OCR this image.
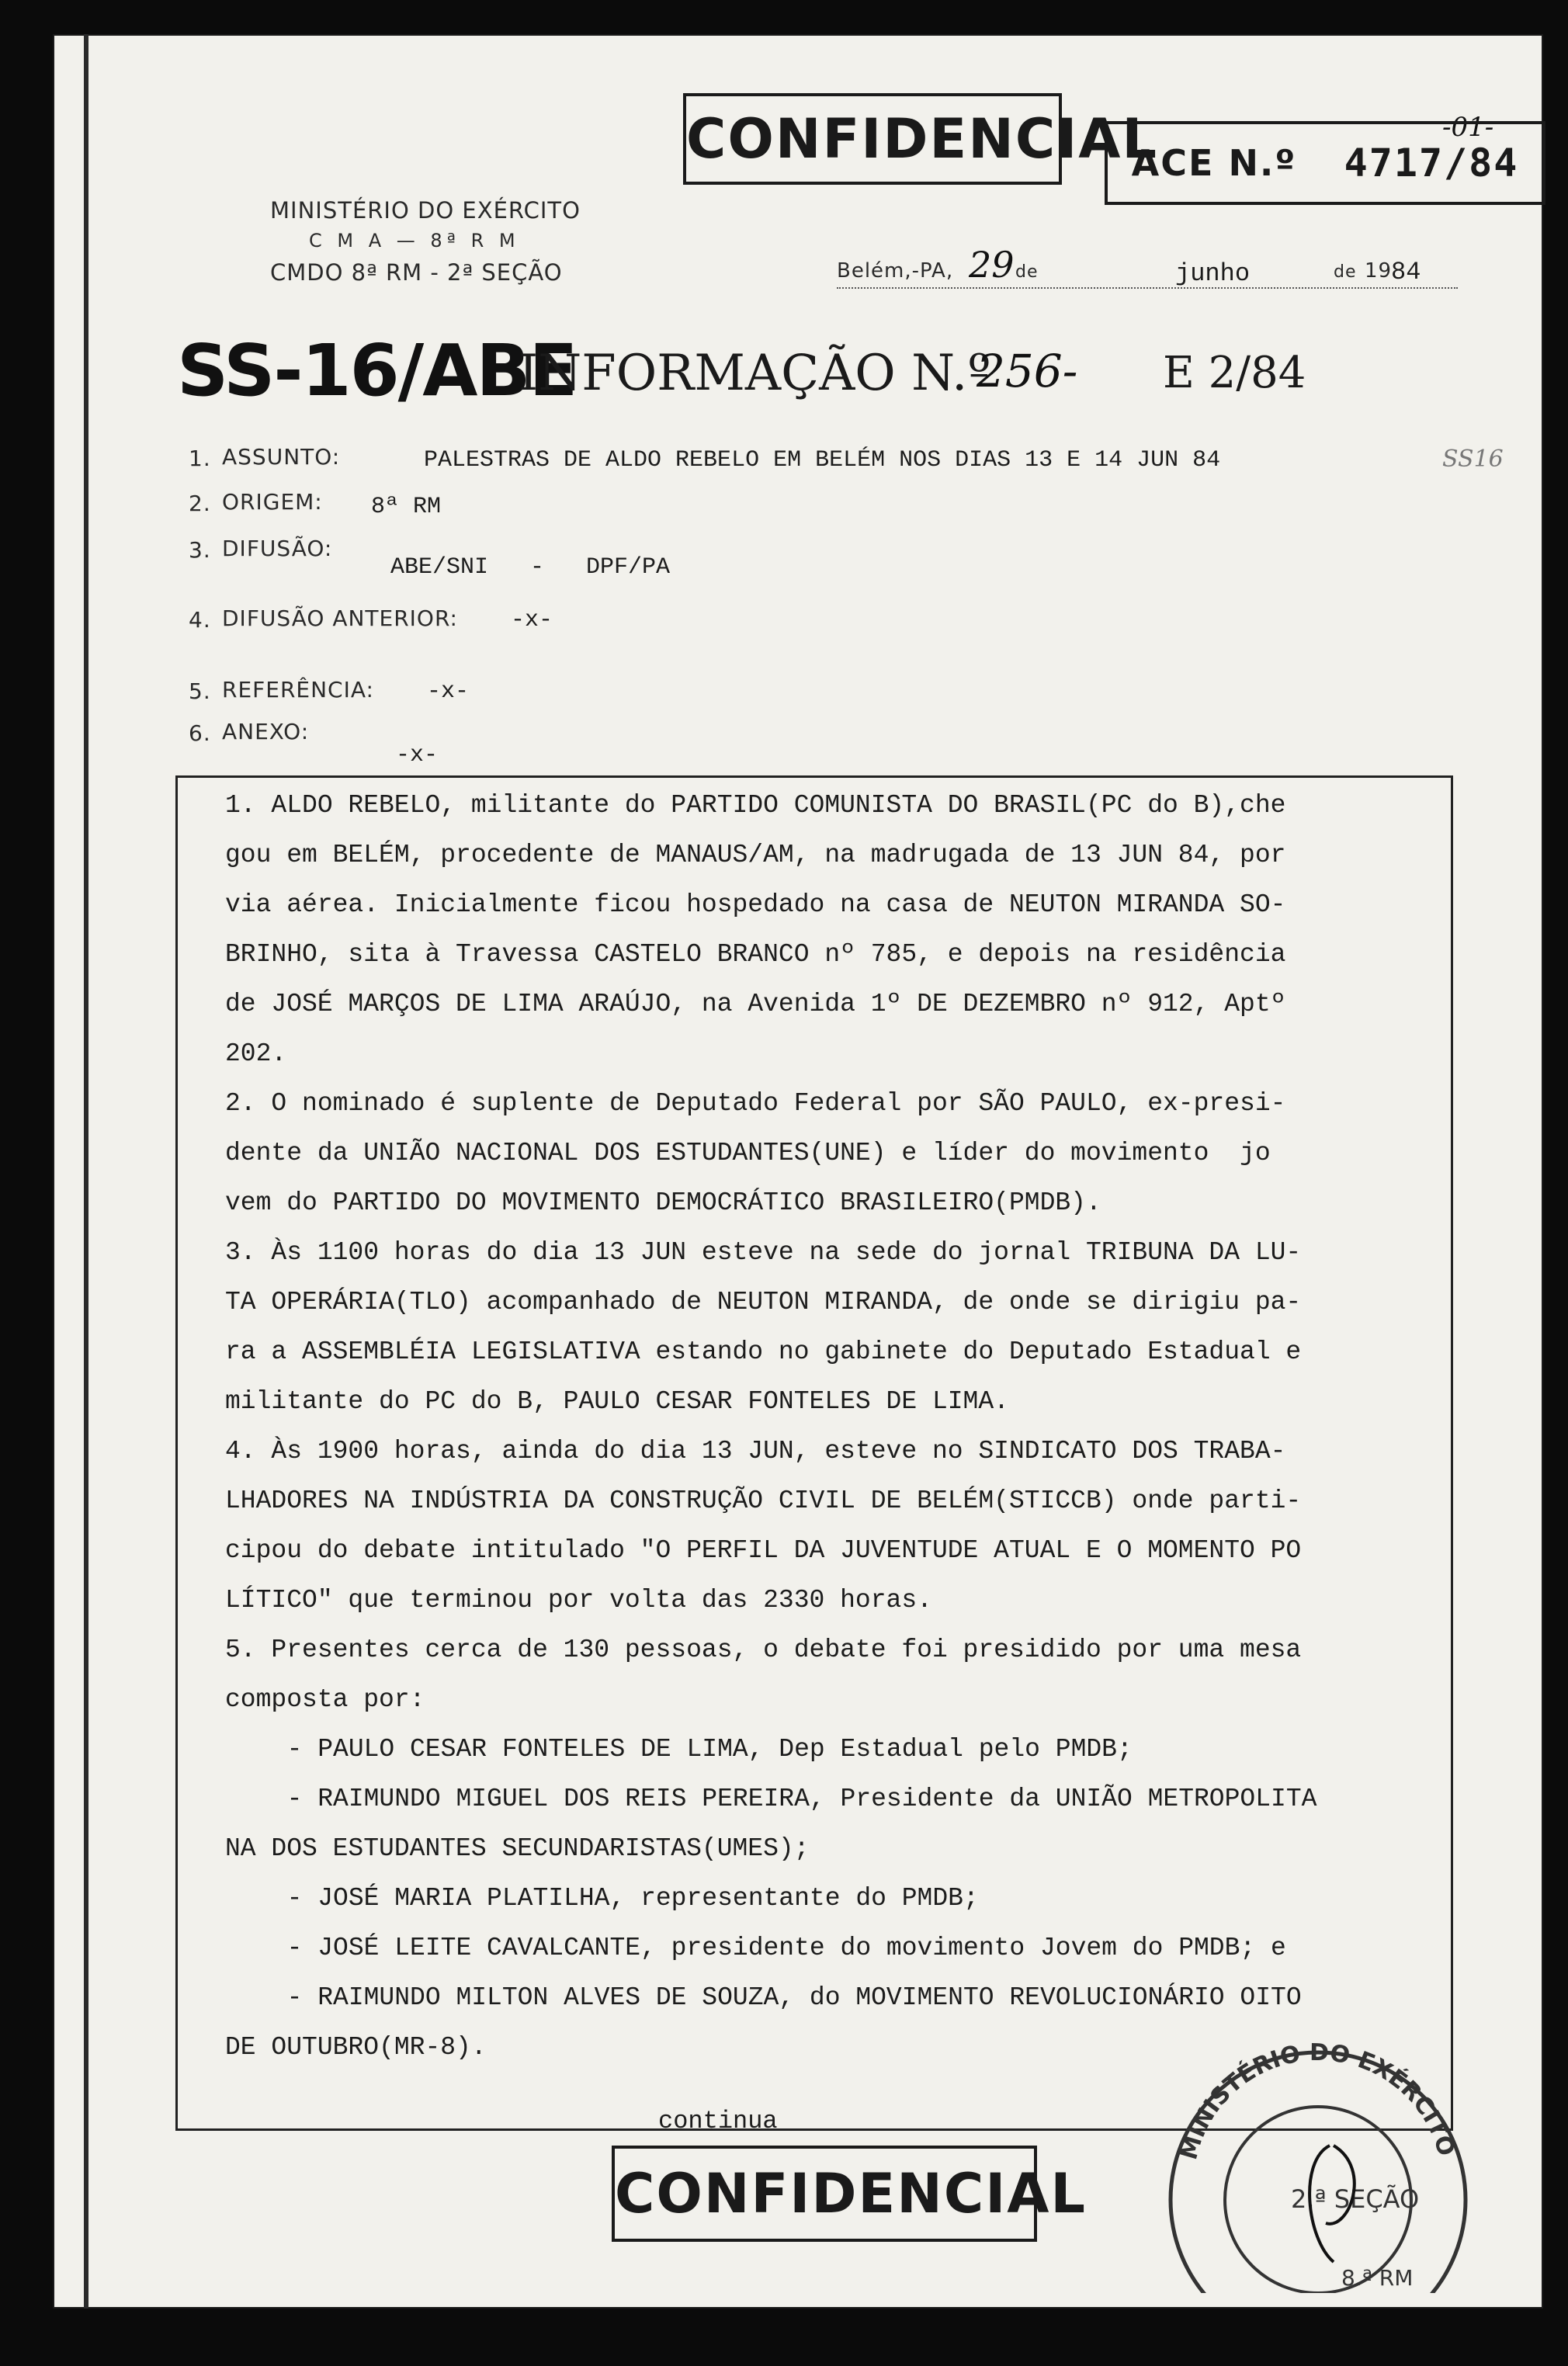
-01-
CONFIDENCIAL
ACE N.º 4717/84
MINISTÉRIO DO EXÉRCITO
C M A — 8ª R M
CMDO 8ª RM - 2ª SEÇÃO	Belém,-PA, 29 de	junho	de 19
84
SS-16/ABE
INFORMAÇÃO N.º
256- E 2/84
1. ASSUNTO:	PALESTRAS DE ALDO REBELO EM BELÉM NOS DIAS 13 E 14 JUN 84	SS16
2. ORIGEM: 8ª RM
3. DIFUSÃO:
ABE/SNI   -   DPF/PA
4. DIFUSÃO ANTERIOR: -x-
5. REFERÊNCIA: -x-
6. ANEXO:
-x-
1. ALDO REBELO, militante do PARTIDO COMUNISTA DO BRASIL(PC do B),che
gou em BELÉM, procedente de MANAUS/AM, na madrugada de 13 JUN 84, por
via aérea. Inicialmente ficou hospedado na casa de NEUTON MIRANDA SO-
BRINHO, sita à Travessa CASTELO BRANCO nº 785, e depois na residência
de JOSÉ MARÇOS DE LIMA ARAÚJO, na Avenida 1º DE DEZEMBRO nº 912, Aptº
202.
2. O nominado é suplente de Deputado Federal por SÃO PAULO, ex-presi-
dente da UNIÃO NACIONAL DOS ESTUDANTES(UNE) e líder do movimento  jo
vem do PARTIDO DO MOVIMENTO DEMOCRÁTICO BRASILEIRO(PMDB).
3. Às 1100 horas do dia 13 JUN esteve na sede do jornal TRIBUNA DA LU-
TA OPERÁRIA(TLO) acompanhado de NEUTON MIRANDA, de onde se dirigiu pa-
ra a ASSEMBLÉIA LEGISLATIVA estando no gabinete do Deputado Estadual e
militante do PC do B, PAULO CESAR FONTELES DE LIMA.
4. Às 1900 horas, ainda do dia 13 JUN, esteve no SINDICATO DOS TRABA-
LHADORES NA INDÚSTRIA DA CONSTRUÇÃO CIVIL DE BELÉM(STICCB) onde parti-
cipou do debate intitulado "O PERFIL DA JUVENTUDE ATUAL E O MOMENTO PO
LÍTICO" que terminou por volta das 2330 horas.
5. Presentes cerca de 130 pessoas, o debate foi presidido por uma mesa
composta por:
- PAULO CESAR FONTELES DE LIMA, Dep Estadual pelo PMDB;
- RAIMUNDO MIGUEL DOS REIS PEREIRA, Presidente da UNIÃO METROPOLITA
NA DOS ESTUDANTES SECUNDARISTAS(UMES);
- JOSÉ MARIA PLATILHA, representante do PMDB;
- JOSÉ LEITE CAVALCANTE, presidente do movimento Jovem do PMDB; e
- RAIMUNDO MILTON ALVES DE SOUZA, do MOVIMENTO REVOLUCIONÁRIO OITO
DE OUTUBRO(MR-8).
continua
CONFIDENCIAL
MINISTÉRIO DO EXÉRCITO
2.ª SEÇÃO
8.ª RM
